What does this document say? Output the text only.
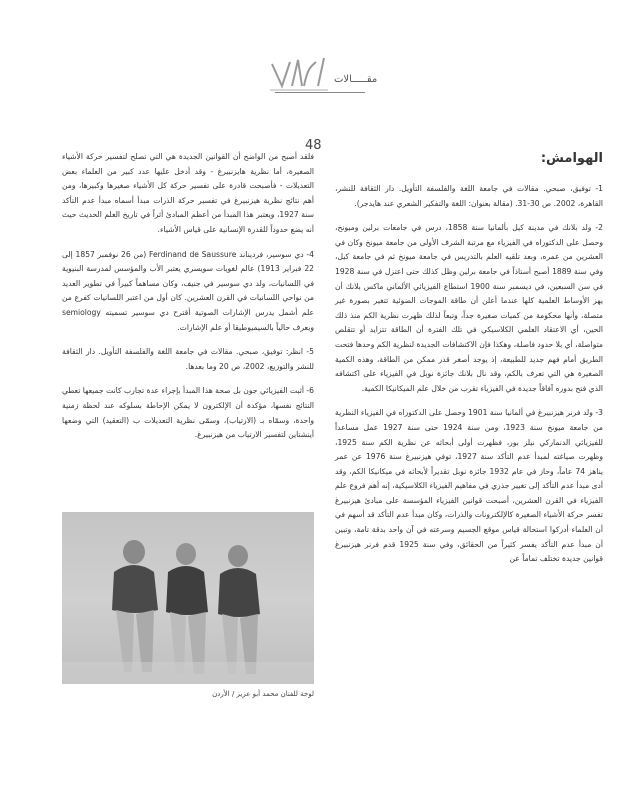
مقـــــالات
48
الهوامش:

1- توفيق، صبحي. مقالات في جامعة اللغة والفلسفة التأويل. دار الثقافة للنشر، القاهرة، 2002. ص 30-31. (مقالة بعنوان: اللغة والتفكير الشعري عند هايدجر).

2- ولد بلانك في مدينة كيل بألمانيا سنة 1858، درس في جامعات برلين وميونخ، وحصل على الدكتوراه في الفيزياء مع مرتبة الشرف الأولى من جامعة ميونخ وكان في العشرين من عمره، وبعد تلقيه العلم بالتدريس في جامعة ميونخ ثم في جامعة كيل، وفي سنة 1889 أصبح أستاذاً في جامعة برلين وظل كذلك حتى اعتزل في سنة 1928 في سن السبعين، في ديسمبر سنة 1900 استطاع الفيزيائي الألماني ماكس بلانك أن يهز الأوساط العلمية كلها عندما أعلن أن طاقة الموجات الضوئية تتغير بصورة غير متصلة، وأنها محكومة من كميات صغيرة جداً، وتبعاً لذلك ظهرت نظرية الكم منذ ذلك الحين، أي الاعتقاد العلمي الكلاسيكي في تلك الفترة أن الطاقة تتزايد أو تتقلص متواصلة، أي بلا حدود فاصلة، وهكذا فإن الاكتشافات الجديدة لنظرية الكم وحدها فتحت الطريق أمام فهم جديد للطبيعة، إذ يوجد أصغر قدر ممكن من الطاقة، وهذه الكمية الصغيرة هي التي تعرف بالكم، وقد نال بلانك جائزة نوبل في الفيزياء على اكتشافه الذي فتح بدوره آفاقاً جديدة في الفيزياء تقرب من خلال علم الميكانيكا الكمية.

3- ولد فرنر هيزنبيرغ في ألمانيا سنة 1901 وحصل على الدكتوراه في الفيزياء النظرية من جامعة ميونخ سنة 1923، ومن سنة 1924 حتى سنة 1927 عمل مساعداً للفيزيائي الدنماركي نيلز بور، فظهرت أولى أبحاثه عن نظرية الكم سنة 1925، وظهرت صياغته لمبدأ عدم التأكد سنة 1927، توفي هيزنبيرغ سنة 1976 عن عمر يناهز 74 عاماً، وحاز في عام 1932 جائزة نوبل تقديراً لأبحاثه في ميكانيكا الكم، وقد أدى مبدأ عدم التأكد إلى تغيير جذري في مفاهيم الفيزياء الكلاسيكية، إنه أهم فروع علم الفيزياء في القرن العشرين، أصبحت قوانين الفيزياء المؤسسة على مبادئ هيزنبيرغ تفسر حركة الأشياء الصغيرة كالإلكترونات والذرات، وكان مبدأ عدم التأكد قد أسهم في أن العلماء أدركوا استحالة قياس موقع الجسيم وسرعته في آن واحد بدقة تامة، وتبين أن مبدأ عدم التأكد يفسر كثيراً من الحقائق، وفي سنة 1925 قدم فرنر هيزنبيرغ قوانين جديدة تختلف تماماً عن

فلقد أصبح من الواضح أن القوانين الجديدة هي التي تصلح لتفسير حركة الأشياء الصغيرة، أما نظرية هايزنبيرغ - وقد أدخل عليها عدد كبير من العلماء بعض التعديلات - فأصبحت قادرة على تفسير حركة كل الأشياء صغيرها وكبيرها، ومن أهم نتائج نظرية هيزنبيرغ في تفسير حركة الذرات مبدأ أسماه مبدأ عدم التأكد سنة 1927، ويعتبر هذا المبدأ من أعظم المبادئ أثراً في تاريخ العلم الحديث حيث أنه يضع حدوداً للقدرة الإنسانية على قياس الأشياء.

4- دي سوسير، فرديناند Ferdinand de Saussure (من 26 نوفمبر 1857 إلى 22 فبراير 1913) عالم لغويات سويسري يعتبر الأب والمؤسس لمدرسة البنيوية في اللسانيات، ولد دي سوسير في جنيف، وكان مساهماً كبيراً في تطوير العديد من نواحي اللسانيات في القرن العشرين. كان أول من اعتبر اللسانيات كفرع من علم أشمل يدرس الإشارات الصوتية أقترح دي سوسير تسميته semiology ويعرف حالياً بالسيميوطيقا أو علم الإشارات.

5- انظر: توفيق، صبحي. مقالات في جامعة اللغة والفلسفة التأويل. دار الثقافة للنشر والتوزيع، 2002، ص 20 وما بعدها.

6- أثبت الفيزيائي جون بل صحة هذا المبدأ بإجراء عدة تجارب كانت جميعها تعطي النتائج نفسها، مؤكدة أن الإلكترون لا يمكن الإحاطة بسلوكه عند لحظة زمنية واحدة، وسمّاه بـ (الارتياب)، وسمّى نظرية التعديلات ب (التعقيد) التي وضعها أينشتاين لتفسير الارتياب من هيزنبيرغ.

لوحة للفنان محمد أبو عزيز / الأردن
